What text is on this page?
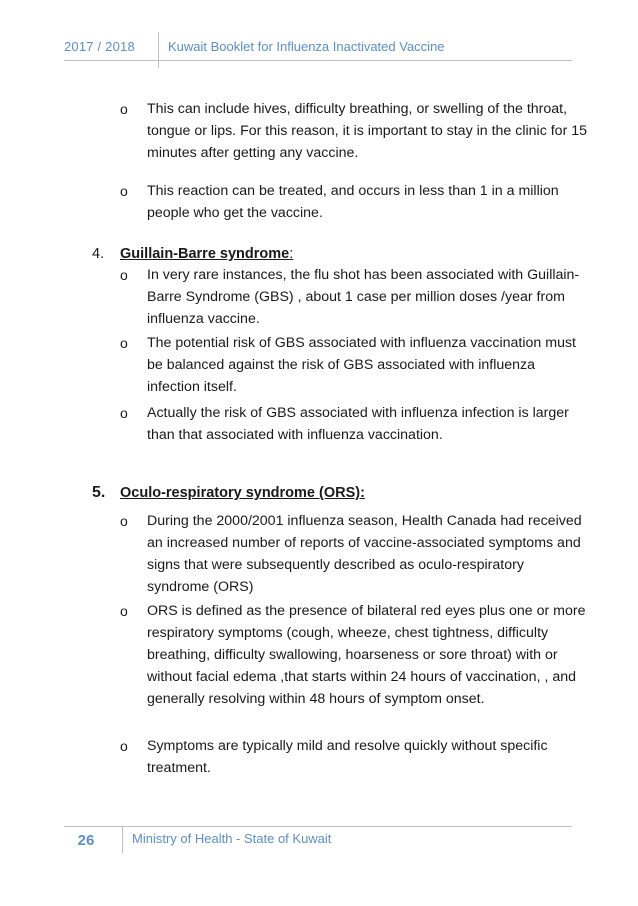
2017 / 2018	Kuwait Booklet for Influenza Inactivated Vaccine
o This can include hives, difficulty breathing, or swelling of the throat, tongue or lips. For this reason, it is important to stay in the clinic for 15 minutes after getting any vaccine.
o This reaction can be treated, and occurs in less than 1 in a million people who get the vaccine.
4. Guillain-Barre syndrome:
o In very rare instances, the flu shot has been associated with Guillain-Barre Syndrome (GBS) , about 1 case per million doses /year from influenza vaccine.
o The potential risk of GBS associated with influenza vaccination must be balanced against the risk of GBS associated with influenza infection itself.
o Actually the risk of GBS associated with influenza infection is larger than that associated with influenza vaccination.
5. Oculo-respiratory syndrome (ORS):
o During the 2000/2001 influenza season, Health Canada had received an increased number of reports of vaccine-associated symptoms and signs that were subsequently described as oculo-respiratory syndrome (ORS)
o ORS is defined as the presence of bilateral red eyes plus one or more respiratory symptoms (cough, wheeze, chest tightness, difficulty breathing, difficulty swallowing, hoarseness or sore throat) with or without facial edema ,that starts within 24 hours of vaccination, , and generally resolving within 48 hours of symptom onset.
o Symptoms are typically mild and resolve quickly without specific treatment.
26	Ministry of Health - State of Kuwait
